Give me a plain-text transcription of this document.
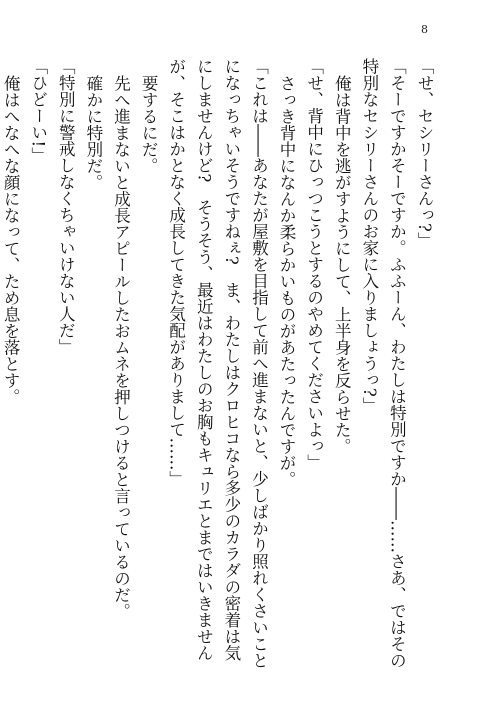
8

「せ、セシリーさんっ?」

「そーですかそーですか。ふふーん、わたしは特別ですか――……さあ、ではその特別なセシリーさんのお家に入りましょうっ?」

俺は背中を逃がすようにして、上半身を反らせた。

「せ、背中にひっつこうとするのやめてくださいよっ」

さっき背中になんか柔らかいものがあたったんですが。

「これは――あなたが屋敷を目指して前へ進まないと、少しばかり照れくさいことになっちゃいそうですねぇ?　ま、わたしはクロヒコなら多少のカラダの密着は気にしませんけど?　そうそう、最近はわたしのお胸もキュリエとまではいきませんが、そこはかとなく成長してきた気配がありまして……」

要するにだ。

先へ進まないと成長アピールしたおムネを押しつけると言っているのだ。

確かに特別だ。

「特別に警戒しなくちゃいけない人だ」

「ひどーい!」

俺はへなへな顔になって、ため息を落とす。
